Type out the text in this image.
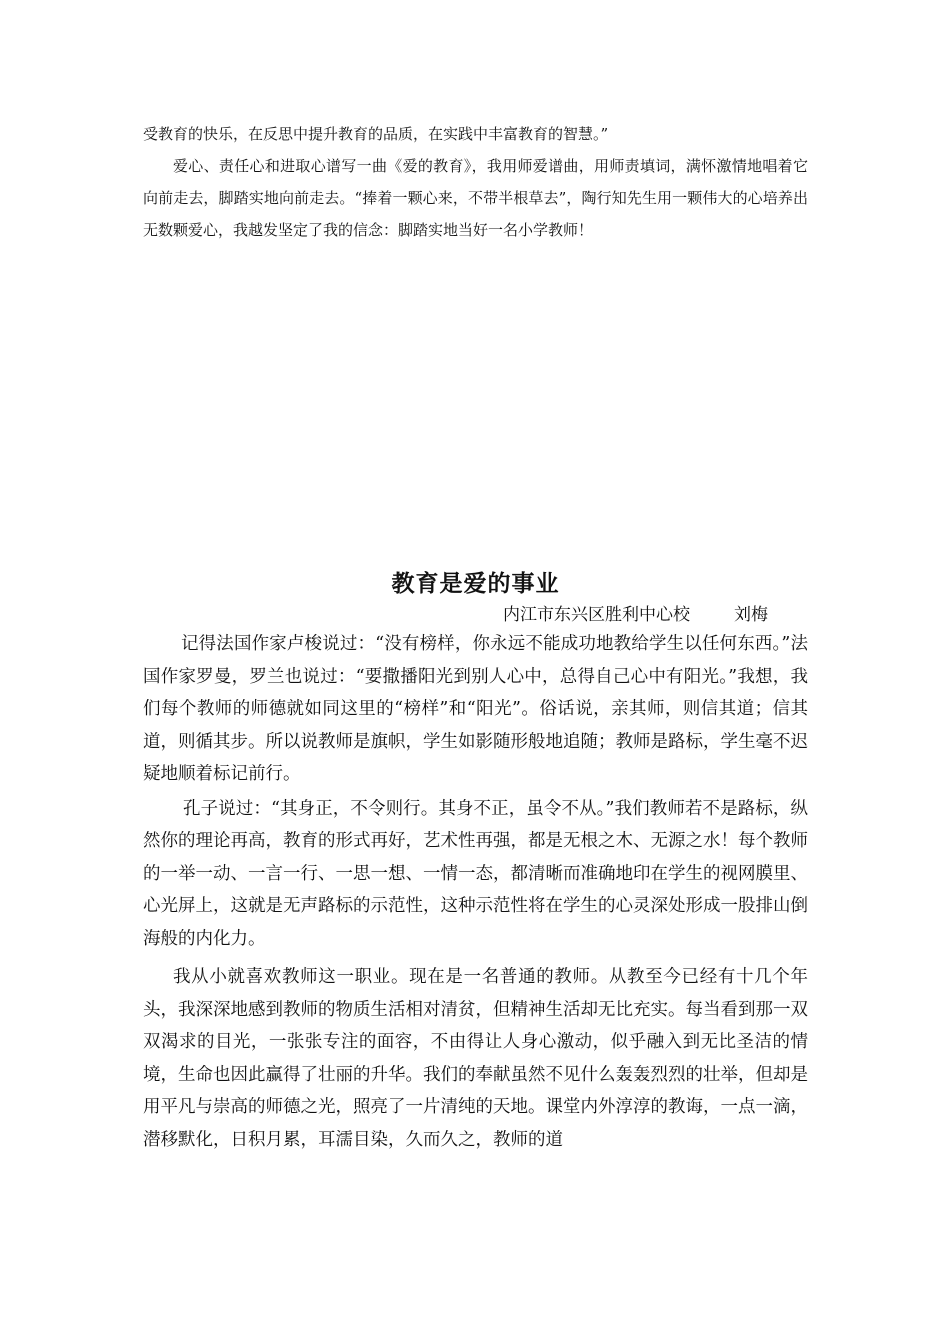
受教育的快乐，在反思中提升教育的品质，在实践中丰富教育的智慧。”

爱心、责任心和进取心谱写一曲《爱的教育》，我用师爱谱曲，用师责填词，满怀激情地唱着它向前走去，脚踏实地向前走去。“捧着一颗心来，不带半根草去”，陶行知先生用一颗伟大的心培养出无数颗爱心，我越发坚定了我的信念：脚踏实地当好一名小学教师！

教育是爱的事业
内江市东兴区胜利中心校	刘梅

记得法国作家卢梭说过：“没有榜样，你永远不能成功地教给学生以任何东西。”法国作家罗曼，罗兰也说过：“要撒播阳光到别人心中，总得自己心中有阳光。”我想，我们每个教师的师德就如同这里的“榜样”和“阳光”。俗话说，亲其师，则信其道；信其道，则循其步。所以说教师是旗帜，学生如影随形般地追随；教师是路标，学生毫不迟疑地顺着标记前行。

孔子说过：“其身正，不令则行。其身不正，虽令不从。”我们教师若不是路标，纵然你的理论再高，教育的形式再好，艺术性再强，都是无根之木、无源之水！每个教师的一举一动、一言一行、一思一想、一情一态，都清晰而准确地印在学生的视网膜里、心光屏上，这就是无声路标的示范性，这种示范性将在学生的心灵深处形成一股排山倒海般的内化力。

我从小就喜欢教师这一职业。现在是一名普通的教师。从教至今已经有十几个年头，我深深地感到教师的物质生活相对清贫，但精神生活却无比充实。每当看到那一双双渴求的目光，一张张专注的面容，不由得让人身心激动，似乎融入到无比圣洁的情境，生命也因此赢得了壮丽的升华。我们的奉献虽然不见什么轰轰烈烈的壮举，但却是用平凡与崇高的师德之光，照亮了一片清纯的天地。课堂内外淳淳的教诲，一点一滴，潜移默化，日积月累，耳濡目染，久而久之，教师的道
